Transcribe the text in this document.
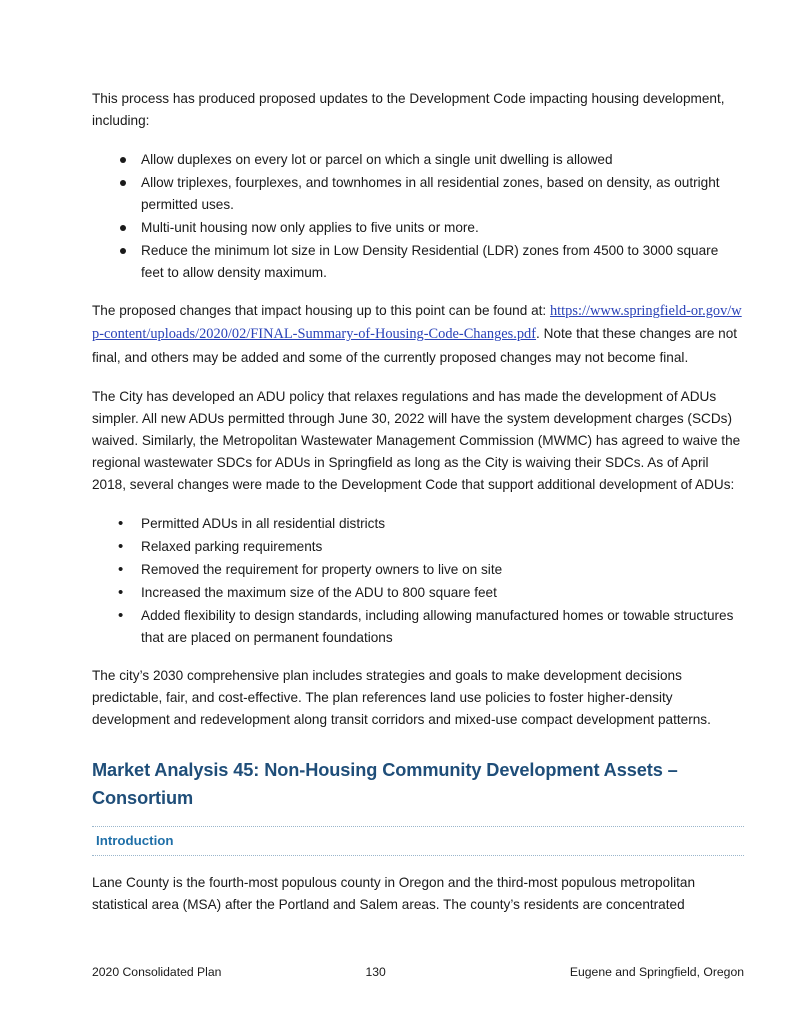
This process has produced proposed updates to the Development Code impacting housing development, including:

Allow duplexes on every lot or parcel on which a single unit dwelling is allowed
Allow triplexes, fourplexes, and townhomes in all residential zones, based on density, as outright permitted uses.
Multi-unit housing now only applies to five units or more.
Reduce the minimum lot size in Low Density Residential (LDR) zones from 4500 to 3000 square feet to allow density maximum.

The proposed changes that impact housing up to this point can be found at: https://www.springfield-or.gov/wp-content/uploads/2020/02/FINAL-Summary-of-Housing-Code-Changes.pdf. Note that these changes are not final, and others may be added and some of the currently proposed changes may not become final.

The City has developed an ADU policy that relaxes regulations and has made the development of ADUs simpler. All new ADUs permitted through June 30, 2022 will have the system development charges (SCDs) waived. Similarly, the Metropolitan Wastewater Management Commission (MWMC) has agreed to waive the regional wastewater SDCs for ADUs in Springfield as long as the City is waiving their SDCs. As of April 2018, several changes were made to the Development Code that support additional development of ADUs:

• Permitted ADUs in all residential districts
• Relaxed parking requirements
• Removed the requirement for property owners to live on site
• Increased the maximum size of the ADU to 800 square feet
• Added flexibility to design standards, including allowing manufactured homes or towable structures that are placed on permanent foundations

The city’s 2030 comprehensive plan includes strategies and goals to make development decisions predictable, fair, and cost-effective. The plan references land use policies to foster higher-density development and redevelopment along transit corridors and mixed-use compact development patterns.

Market Analysis 45: Non-Housing Community Development Assets – Consortium
Introduction

Lane County is the fourth-most populous county in Oregon and the third-most populous metropolitan statistical area (MSA) after the Portland and Salem areas. The county’s residents are concentrated

2020 Consolidated Plan	130	Eugene and Springfield, Oregon
